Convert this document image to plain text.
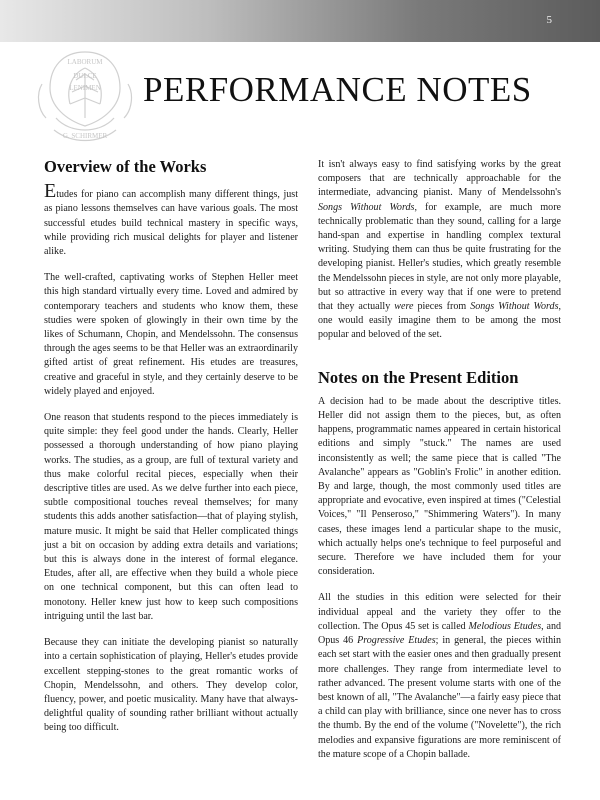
5
LABORUM
DULCE
LENIMEN
G. SCHIRMER
PERFORMANCE NOTES
Overview of the Works

Etudes for piano can accomplish many different things, just as piano lessons themselves can have various goals. The most successful etudes build technical mastery in specific ways, while providing rich musical delights for player and listener alike.

The well-crafted, captivating works of Stephen Heller meet this high standard virtually every time. Loved and admired by contemporary teachers and students who know them, these studies were spoken of glowingly in their own time by the likes of Schumann, Chopin, and Mendelssohn. The consensus through the ages seems to be that Heller was an extraordinarily gifted artist of great refinement. His etudes are treasures, creative and graceful in style, and they certainly deserve to be widely played and enjoyed.

One reason that students respond to the pieces immediately is quite simple: they feel good under the hands. Clearly, Heller possessed a thorough understanding of how piano playing works. The studies, as a group, are full of textural variety and thus make colorful recital pieces, especially when their descriptive titles are used. As we delve further into each piece, subtle compositional touches reveal themselves; for many students this adds another satisfaction—that of playing stylish, mature music. It might be said that Heller complicated things just a bit on occasion by adding extra details and variations; but this is always done in the interest of formal elegance. Etudes, after all, are effective when they build a whole piece on one technical component, but this can often lead to monotony. Heller knew just how to keep such compositions intriguing until the last bar.

Because they can initiate the developing pianist so naturally into a certain sophistication of playing, Heller's etudes provide excellent stepping-stones to the great romantic works of Chopin, Mendelssohn, and others. They develop color, fluency, power, and poetic musicality. Many have that always-delightful quality of sounding rather brilliant without actually being too difficult.

It isn't always easy to find satisfying works by the great composers that are technically approachable for the intermediate, advancing pianist. Many of Mendelssohn's Songs Without Words, for example, are much more technically problematic than they sound, calling for a large hand-span and expertise in handling complex textural writing. Studying them can thus be quite frustrating for the developing pianist. Heller's studies, which greatly resemble the Mendelssohn pieces in style, are not only more playable, but so attractive in every way that if one were to pretend that they actually were pieces from Songs Without Words, one would easily imagine them to be among the most popular and beloved of the set.

Notes on the Present Edition

A decision had to be made about the descriptive titles. Heller did not assign them to the pieces, but, as often happens, programmatic names appeared in certain historical editions and simply "stuck." The names are used inconsistently as well; the same piece that is called "The Avalanche" appears as "Goblin's Frolic" in another edition. By and large, though, the most commonly used titles are appropriate and evocative, even inspired at times ("Celestial Voices," "Il Penseroso," "Shimmering Waters"). In many cases, these images lend a particular shape to the music, which actually helps one's technique to feel purposeful and secure. Therefore we have included them for your consideration.

All the studies in this edition were selected for their individual appeal and the variety they offer to the collection. The Opus 45 set is called Melodious Etudes, and Opus 46 Progressive Etudes; in general, the pieces within each set start with the easier ones and then gradually present more challenges. They range from intermediate level to rather advanced. The present volume starts with one of the best known of all, "The Avalanche"—a fairly easy piece that a child can play with brilliance, since one never has to cross the thumb. By the end of the volume ("Novelette"), the rich melodies and expansive figurations are more reminiscent of the mature scope of a Chopin ballade.
